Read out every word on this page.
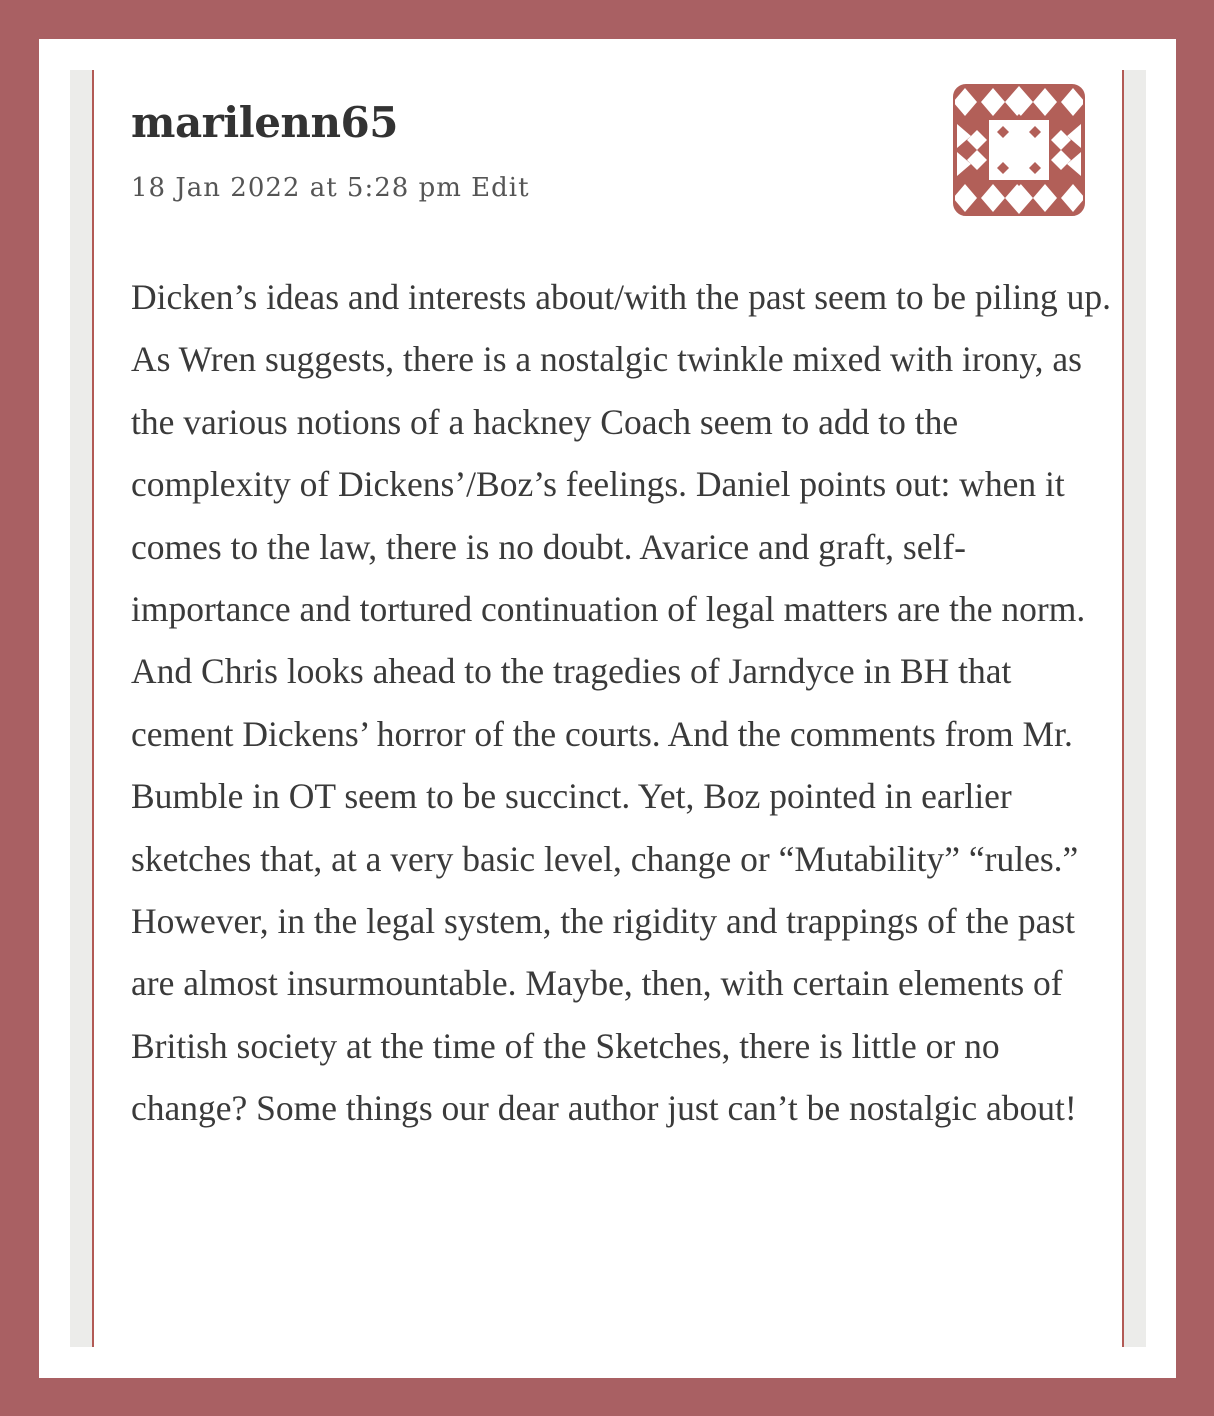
marilenn65
18 Jan 2022 at 5:28 pm Edit

Dicken’s ideas and interests about/with the past seem to be piling up. As Wren suggests, there is a nostalgic twinkle mixed with irony, as the various notions of a hackney Coach seem to add to the complexity of Dickens’/Boz’s feelings. Daniel points out: when it comes to the law, there is no doubt. Avarice and graft, self-importance and tortured continuation of legal matters are the norm. And Chris looks ahead to the tragedies of Jarndyce in BH that cement Dickens’ horror of the courts. And the comments from Mr. Bumble in OT seem to be succinct. Yet, Boz pointed in earlier sketches that, at a very basic level, change or “Mutability” “rules.” However, in the legal system, the rigidity and trappings of the past are almost insurmountable. Maybe, then, with certain elements of British society at the time of the Sketches, there is little or no change? Some things our dear author just can’t be nostalgic about!
